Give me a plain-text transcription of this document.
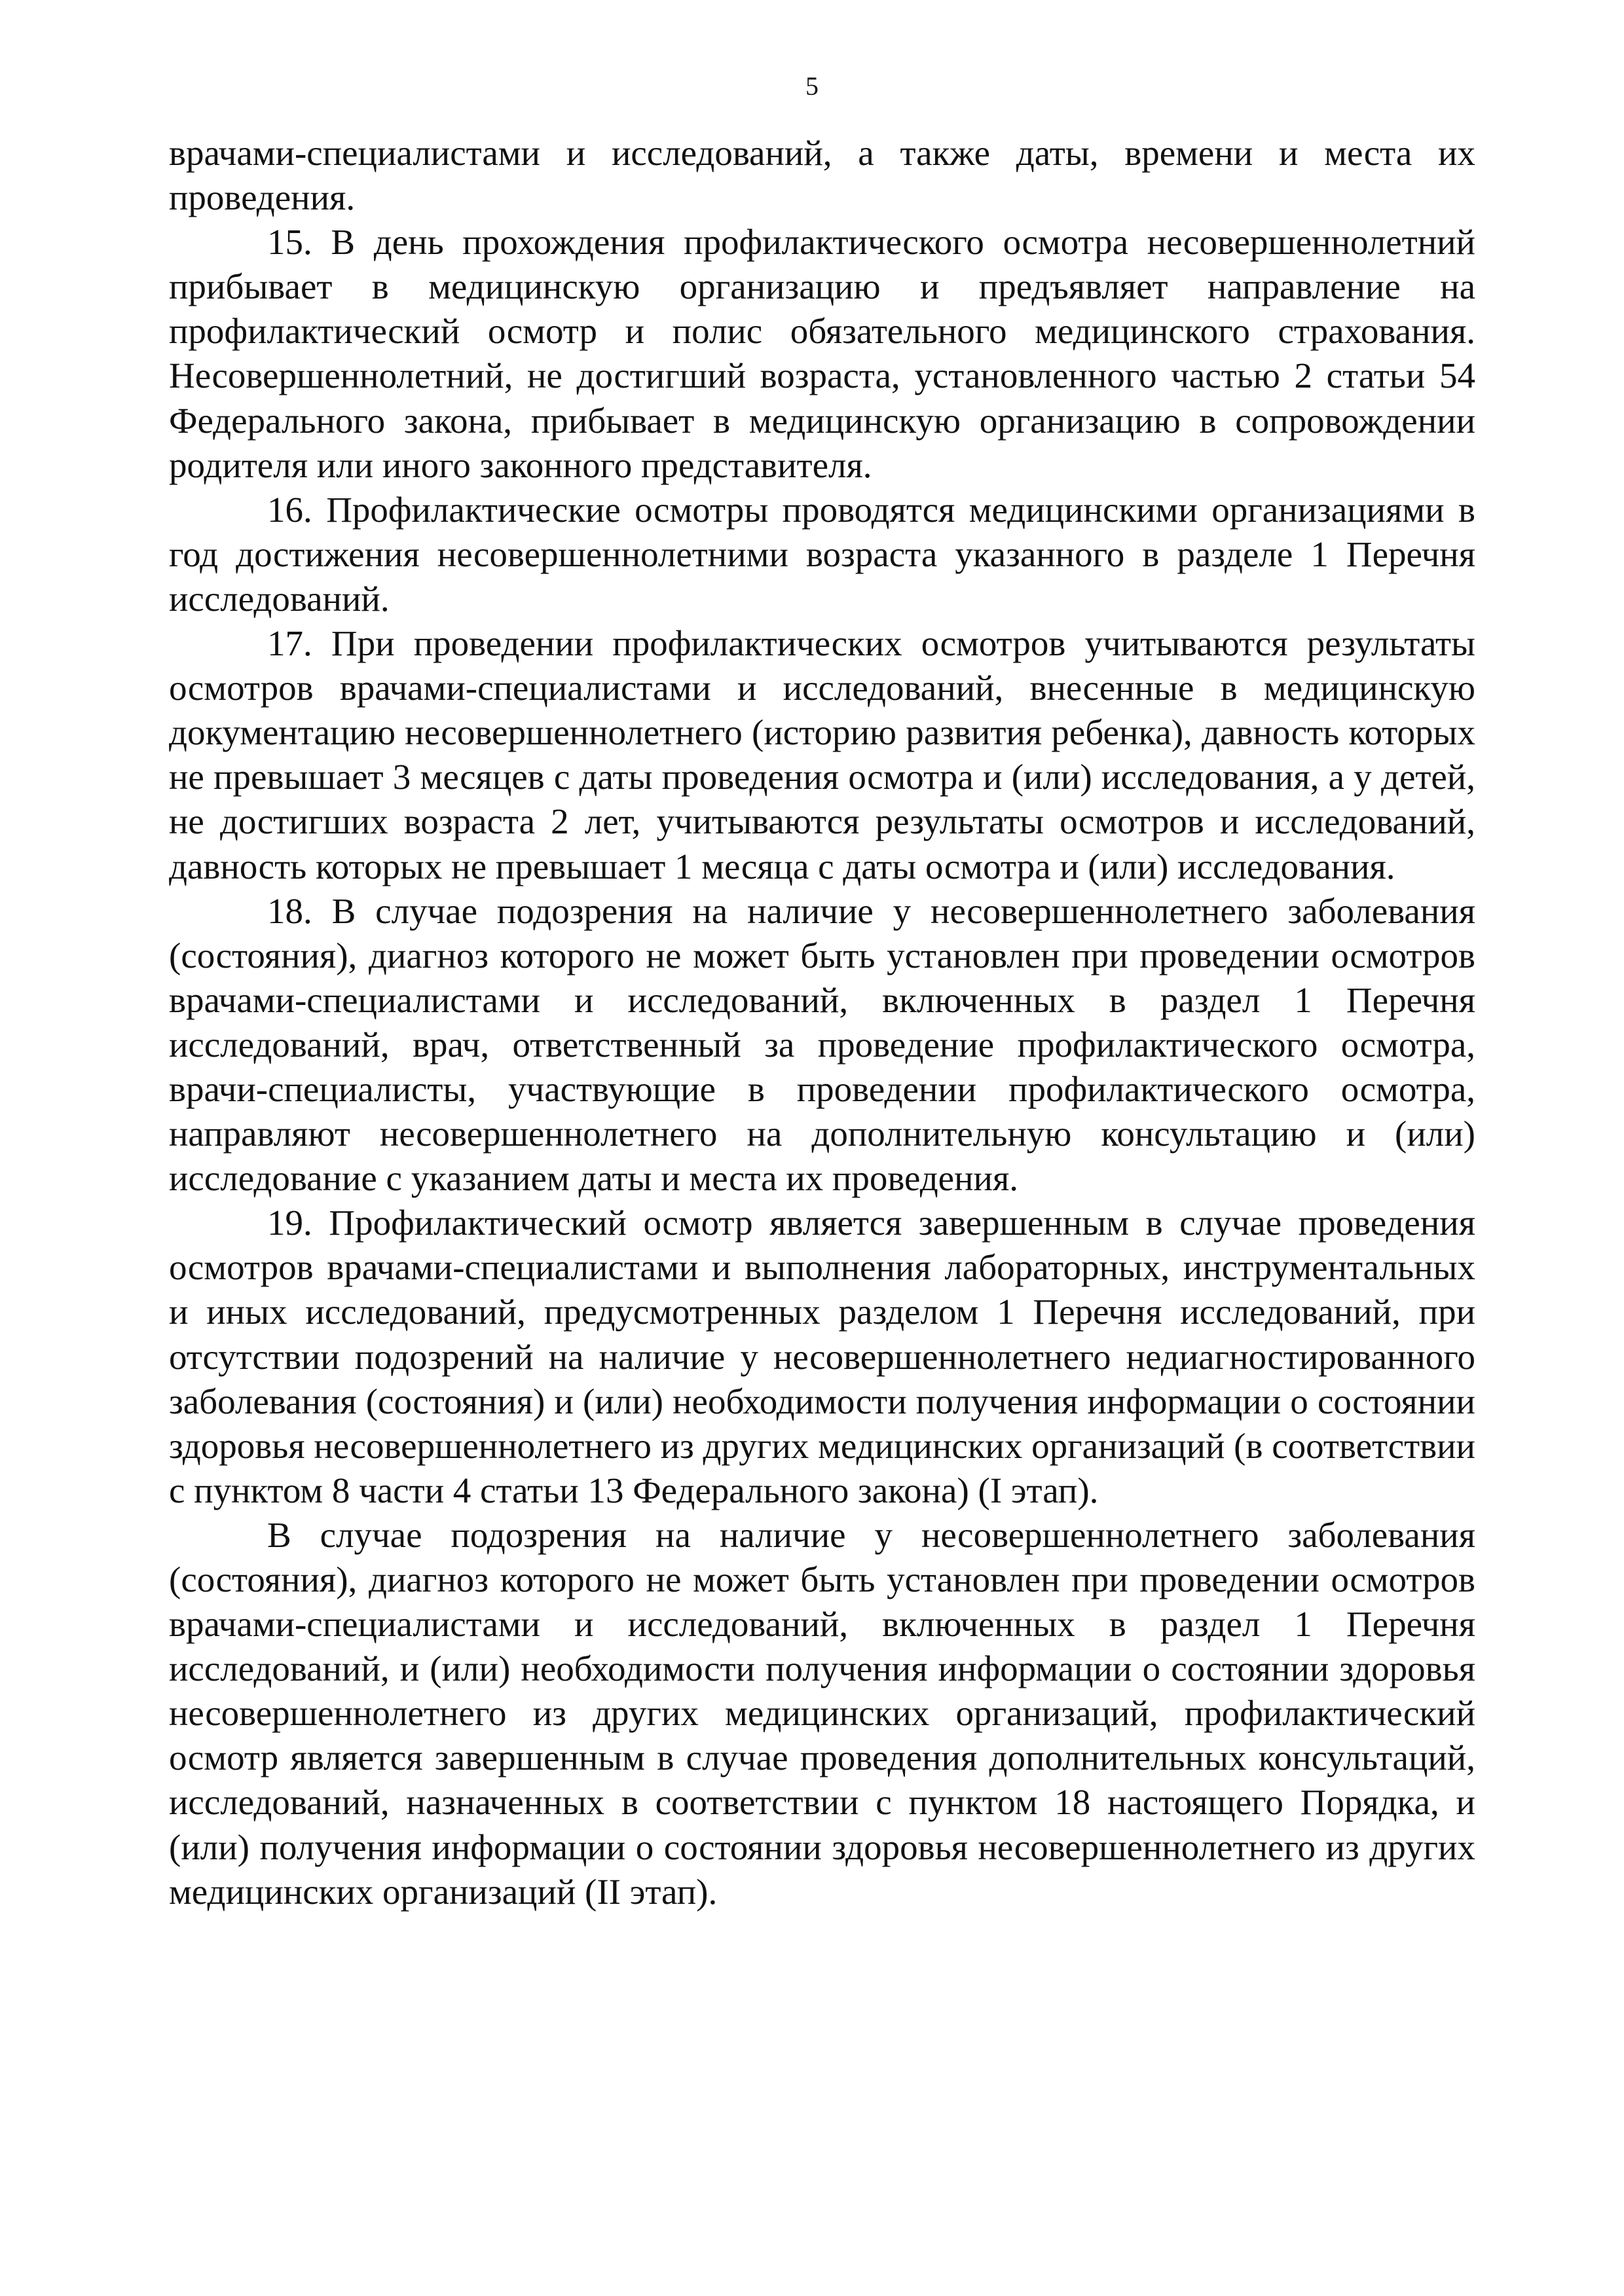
5

врачами-специалистами и исследований, а также даты, времени и места их проведения.

15. В день прохождения профилактического осмотра несовершеннолетний прибывает в медицинскую организацию и предъявляет направление на профилактический осмотр и полис обязательного медицинского страхования. Несовершеннолетний, не достигший возраста, установленного частью 2 статьи 54 Федерального закона, прибывает в медицинскую организацию в сопровождении родителя или иного законного представителя.

16. Профилактические осмотры проводятся медицинскими организациями в год достижения несовершеннолетними возраста указанного в разделе 1 Перечня исследований.

17. При проведении профилактических осмотров учитываются результаты осмотров врачами-специалистами и исследований, внесенные в медицинскую документацию несовершеннолетнего (историю развития ребенка), давность которых не превышает 3 месяцев с даты проведения осмотра и (или) исследования, а у детей, не достигших возраста 2 лет, учитываются результаты осмотров и исследований, давность которых не превышает 1 месяца с даты осмотра и (или) исследования.

18. В случае подозрения на наличие у несовершеннолетнего заболевания (состояния), диагноз которого не может быть установлен при проведении осмотров врачами-специалистами и исследований, включенных в раздел 1 Перечня исследований, врач, ответственный за проведение профилактического осмотра, врачи-специалисты, участвующие в проведении профилактического осмотра, направляют несовершеннолетнего на дополнительную консультацию и (или) исследование с указанием даты и места их проведения.

19. Профилактический осмотр является завершенным в случае проведения осмотров врачами-специалистами и выполнения лабораторных, инструментальных и иных исследований, предусмотренных разделом 1 Перечня исследований, при отсутствии подозрений на наличие у несовершеннолетнего недиагностированного заболевания (состояния) и (или) необходимости получения информации о состоянии здоровья несовершеннолетнего из других медицинских организаций (в соответствии с пунктом 8 части 4 статьи 13 Федерального закона) (I этап).

В случае подозрения на наличие у несовершеннолетнего заболевания (состояния), диагноз которого не может быть установлен при проведении осмотров врачами-специалистами и исследований, включенных в раздел 1 Перечня исследований, и (или) необходимости получения информации о состоянии здоровья несовершеннолетнего из других медицинских организаций, профилактический осмотр является завершенным в случае проведения дополнительных консультаций, исследований, назначенных в соответствии с пунктом 18 настоящего Порядка, и (или) получения информации о состоянии здоровья несовершеннолетнего из других медицинских организаций (II этап).
